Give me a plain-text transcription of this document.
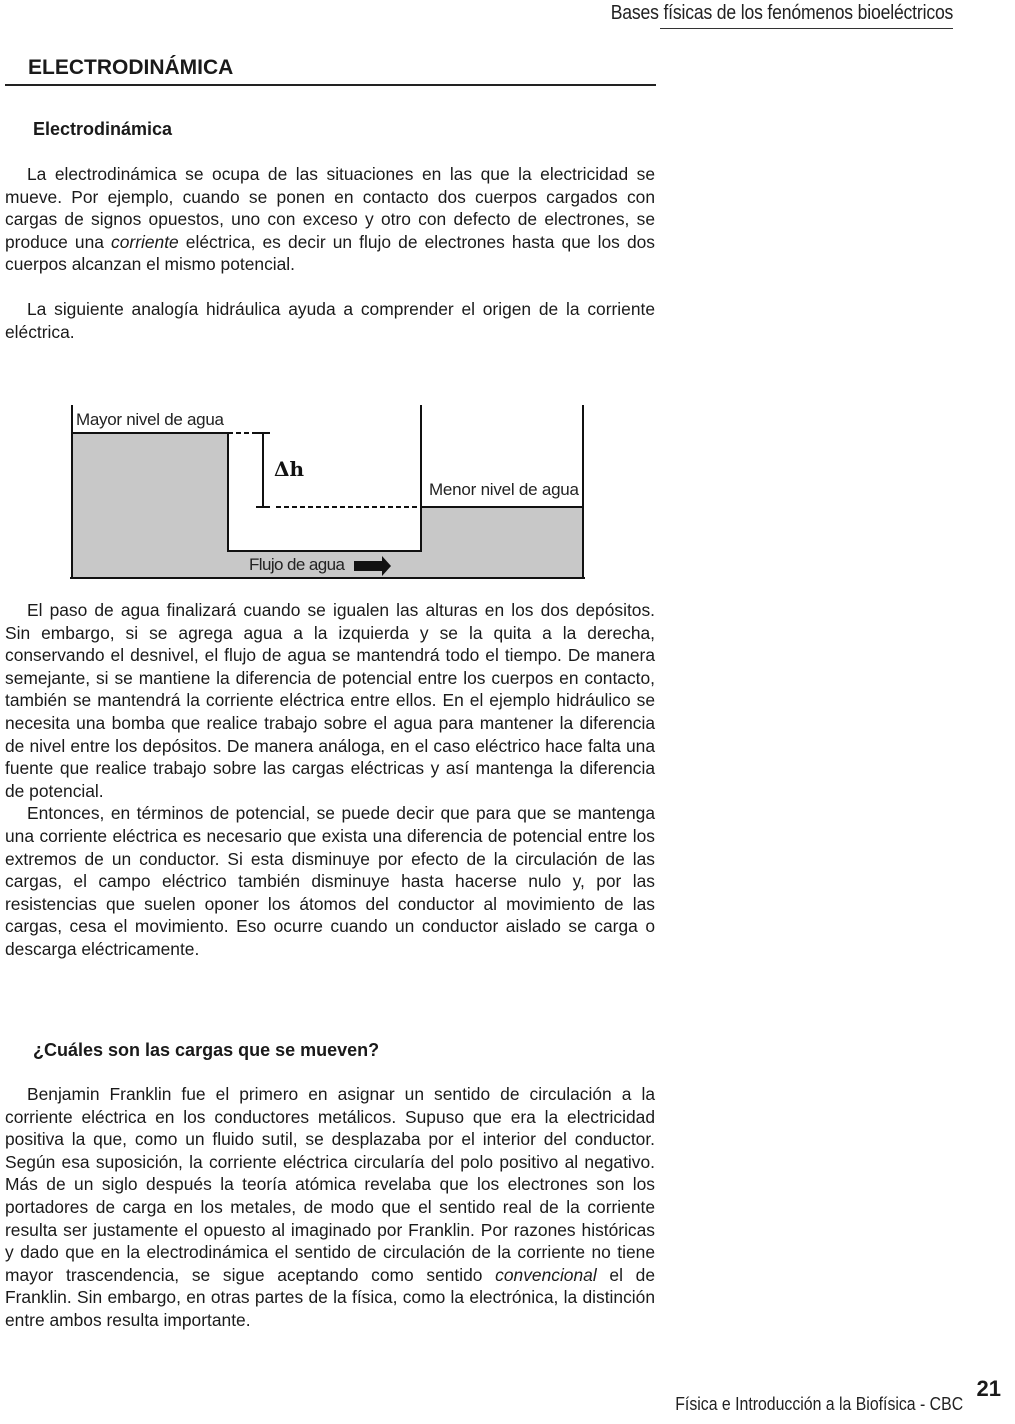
Bases físicas de los fenómenos bioeléctricos
ELECTRODINÁMICA
Electrodinámica

La electrodinámica se ocupa de las situaciones en las que la electricidad se mueve. Por ejemplo, cuando se ponen en contacto dos cuerpos cargados con cargas de signos opuestos, uno con exceso y otro con defecto de electrones, se produce una corriente eléctrica, es decir un flujo de electrones hasta que los dos cuerpos alcanzan el mismo potencial.

La siguiente analogía hidráulica ayuda a comprender el origen de la corriente eléctrica.

Mayor nivel de agua
Menor nivel de agua
Δh
Flujo de agua

El paso de agua finalizará cuando se igualen las alturas en los dos depósitos. Sin embargo, si se agrega agua a la izquierda y se la quita a la derecha, conservando el desnivel, el flujo de agua se mantendrá todo el tiempo. De manera semejante, si se mantiene la diferencia de potencial entre los cuerpos en contacto, también se mantendrá la corriente eléctrica entre ellos. En el ejemplo hidráulico se necesita una bomba que realice trabajo sobre el agua para mantener la diferencia de nivel entre los depósitos. De manera análoga, en el caso eléctrico hace falta una fuente que realice trabajo sobre las cargas eléctricas y así mantenga la diferencia de potencial.

Entonces, en términos de potencial, se puede decir que para que se mantenga una corriente eléctrica es necesario que exista una diferencia de potencial entre los extremos de un conductor. Si esta disminuye por efecto de la circulación de las cargas, el campo eléctrico también disminuye hasta hacerse nulo y, por las resistencias que suelen oponer los átomos del conductor al movimiento de las cargas, cesa el movimiento. Eso ocurre cuando un conductor aislado se carga o descarga eléctricamente.

¿Cuáles son las cargas que se mueven?

Benjamin Franklin fue el primero en asignar un sentido de circulación a la corriente eléctrica en los conductores metálicos. Supuso que era la electricidad positiva la que, como un fluido sutil, se desplazaba por el interior del conductor. Según esa suposición, la corriente eléctrica circularía del polo positivo al negativo. Más de un siglo después la teoría atómica revelaba que los electrones son los portadores de carga en los metales, de modo que el sentido real de la corriente resulta ser justamente el opuesto al imaginado por Franklin. Por razones históricas y dado que en la electrodinámica el sentido de circulación de la corriente no tiene mayor trascendencia, se sigue aceptando como sentido convencional el de Franklin. Sin embargo, en otras partes de la física, como la electrónica, la distinción entre ambos resulta importante.

Física e Introducción a la Biofísica - CBC
21
